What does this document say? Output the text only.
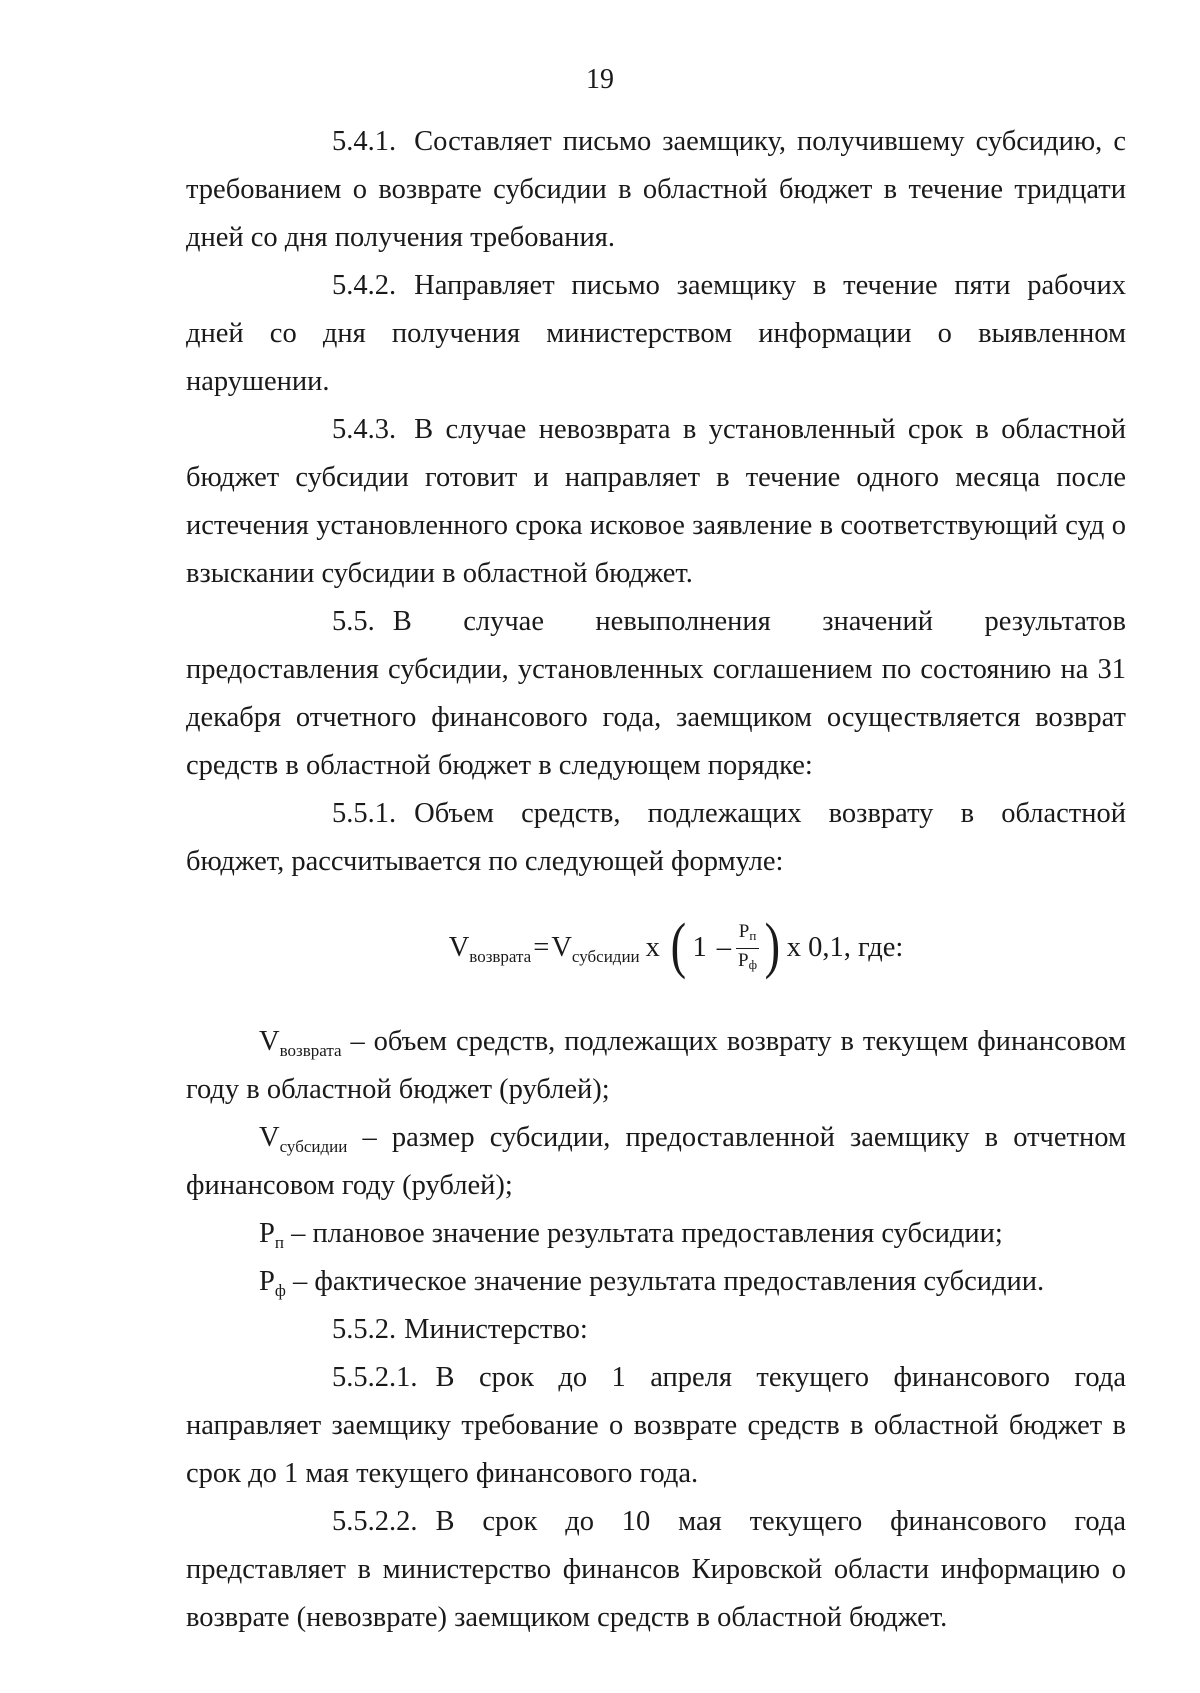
19

5.4.1. Составляет письмо заемщику, получившему субсидию, с требованием о возврате субсидии в областной бюджет в течение тридцати дней со дня получения требования.

5.4.2. Направляет письмо заемщику в течение пяти рабочих дней со дня получения министерством информации о выявленном нарушении.

5.4.3. В случае невозврата в установленный срок в областной бюджет субсидии готовит и направляет в течение одного месяца после истечения установленного срока исковое заявление в соответствующий суд о взыскании субсидии в областной бюджет.

5.5. В случае невыполнения значений результатов предоставления субсидии, установленных соглашением по состоянию на 31 декабря отчетного финансового года, заемщиком осуществляется возврат средств в областной бюджет в следующем порядке:

5.5.1. Объем средств, подлежащих возврату в областной бюджет, рассчитывается по следующей формуле:

$V_{возврата} = V_{субсидии}$ x ( $1 - \frac{Pп}{Pф}$ ) x 0,1, где:

$V_{возврата}$ – объем средств, подлежащих возврату в текущем финансовом году в областной бюджет (рублей);

$V_{субсидии}$ – размер субсидии, предоставленной заемщику в отчетном финансовом году (рублей);

$P_п$ – плановое значение результата предоставления субсидии;

$P_ф$ – фактическое значение результата предоставления субсидии.

5.5.2. Министерство:

5.5.2.1. В срок до 1 апреля текущего финансового года направляет заемщику требование о возврате средств в областной бюджет в срок до 1 мая текущего финансового года.

5.5.2.2. В срок до 10 мая текущего финансового года представляет в министерство финансов Кировской области информацию о возврате (невозврате) заемщиком средств в областной бюджет.
